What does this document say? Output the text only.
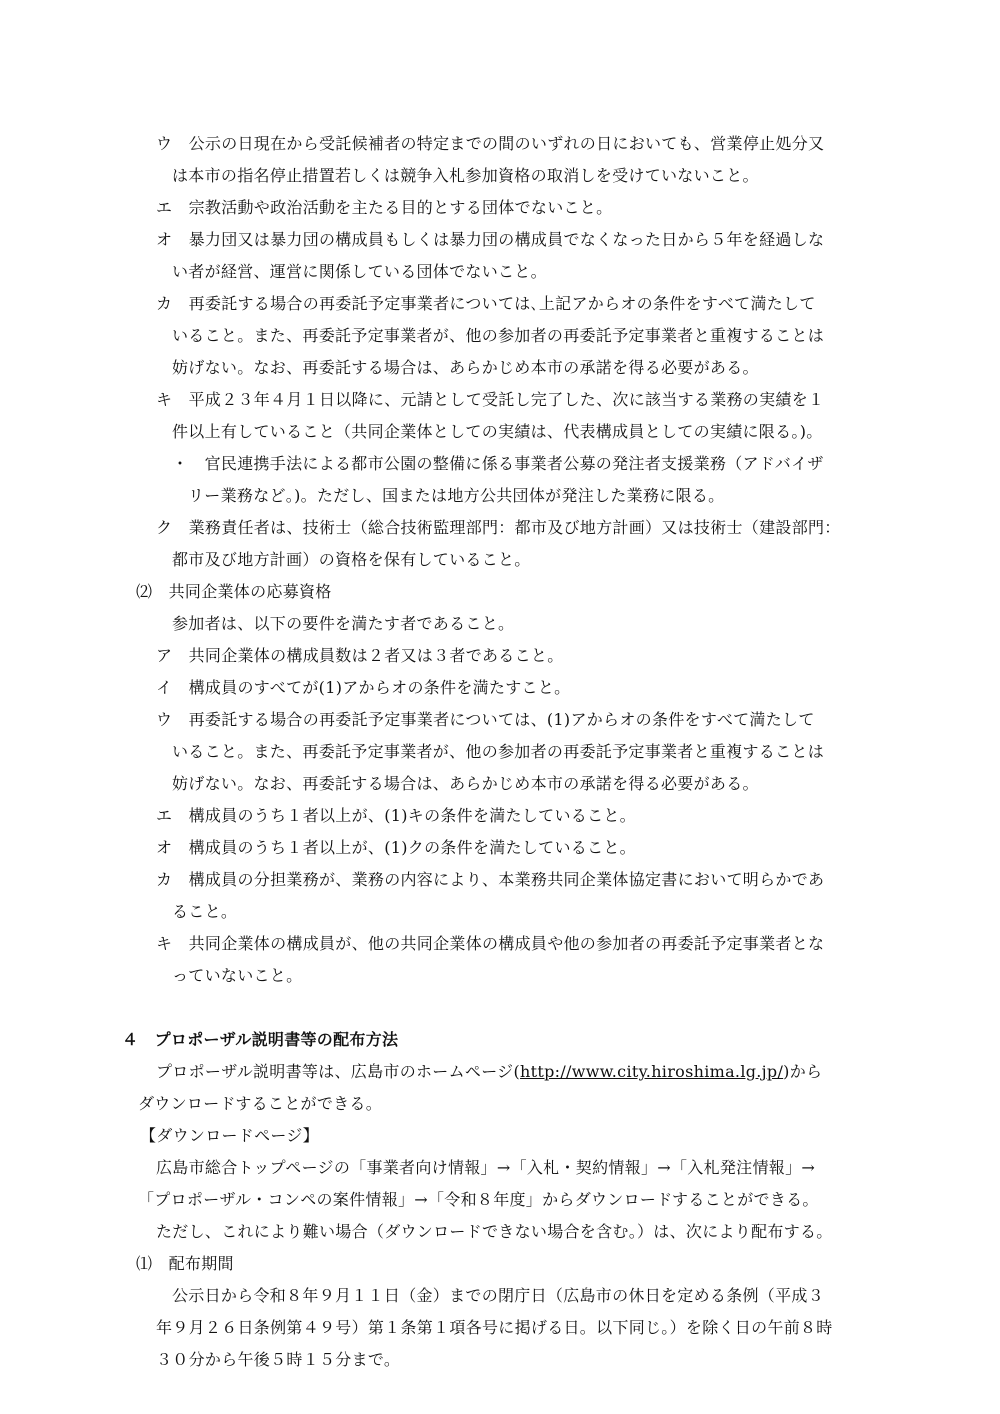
ウ　公示の日現在から受託候補者の特定までの間のいずれの日においても、営業停止処分又
は本市の指名停止措置若しくは競争入札参加資格の取消しを受けていないこと。
エ　宗教活動や政治活動を主たる目的とする団体でないこと。
オ　暴力団又は暴力団の構成員もしくは暴力団の構成員でなくなった日から５年を経過しな
い者が経営、運営に関係している団体でないこと。
カ　再委託する場合の再委託予定事業者については､上記アからオの条件をすべて満たして
いること。また、再委託予定事業者が、他の参加者の再委託予定事業者と重複することは
妨げない。なお、再委託する場合は、あらかじめ本市の承諾を得る必要がある。
キ　平成２３年４月１日以降に、元請として受託し完了した、次に該当する業務の実績を１
件以上有していること（共同企業体としての実績は、代表構成員としての実績に限る。)。
・　官民連携手法による都市公園の整備に係る事業者公募の発注者支援業務（アドバイザ
リー業務など。)。ただし、国または地方公共団体が発注した業務に限る。
ク　業務責任者は、技術士（総合技術監理部門：都市及び地方計画）又は技術士（建設部門：
都市及び地方計画）の資格を保有していること。
⑵　共同企業体の応募資格
参加者は、以下の要件を満たす者であること。
ア　共同企業体の構成員数は２者又は３者であること。
イ　構成員のすべてが(1)アからオの条件を満たすこと。
ウ　再委託する場合の再委託予定事業者については、(1)アからオの条件をすべて満たして
いること。また、再委託予定事業者が、他の参加者の再委託予定事業者と重複することは
妨げない。なお、再委託する場合は、あらかじめ本市の承諾を得る必要がある。
エ　構成員のうち１者以上が、(1)キの条件を満たしていること。
オ　構成員のうち１者以上が、(1)クの条件を満たしていること。
カ　構成員の分担業務が、業務の内容により、本業務共同企業体協定書において明らかであ
ること。
キ　共同企業体の構成員が、他の共同企業体の構成員や他の参加者の再委託予定事業者とな
っていないこと。
４　プロポーザル説明書等の配布方法
プロポーザル説明書等は、広島市のホームページ(http://www.city.hiroshima.lg.jp/)から
ダウンロードすることができる。
【ダウンロードページ】
広島市総合トップページの「事業者向け情報」→「入札・契約情報」→「入札発注情報」→
「プロポーザル・コンペの案件情報」→「令和８年度」からダウンロードすることができる。
ただし、これにより難い場合（ダウンロードできない場合を含む。）は、次により配布する。
⑴　配布期間
公示日から令和８年９月１１日（金）までの閉庁日（広島市の休日を定める条例（平成３
年９月２６日条例第４９号）第１条第１項各号に掲げる日。以下同じ。）を除く日の午前８時
３０分から午後５時１５分まで。
